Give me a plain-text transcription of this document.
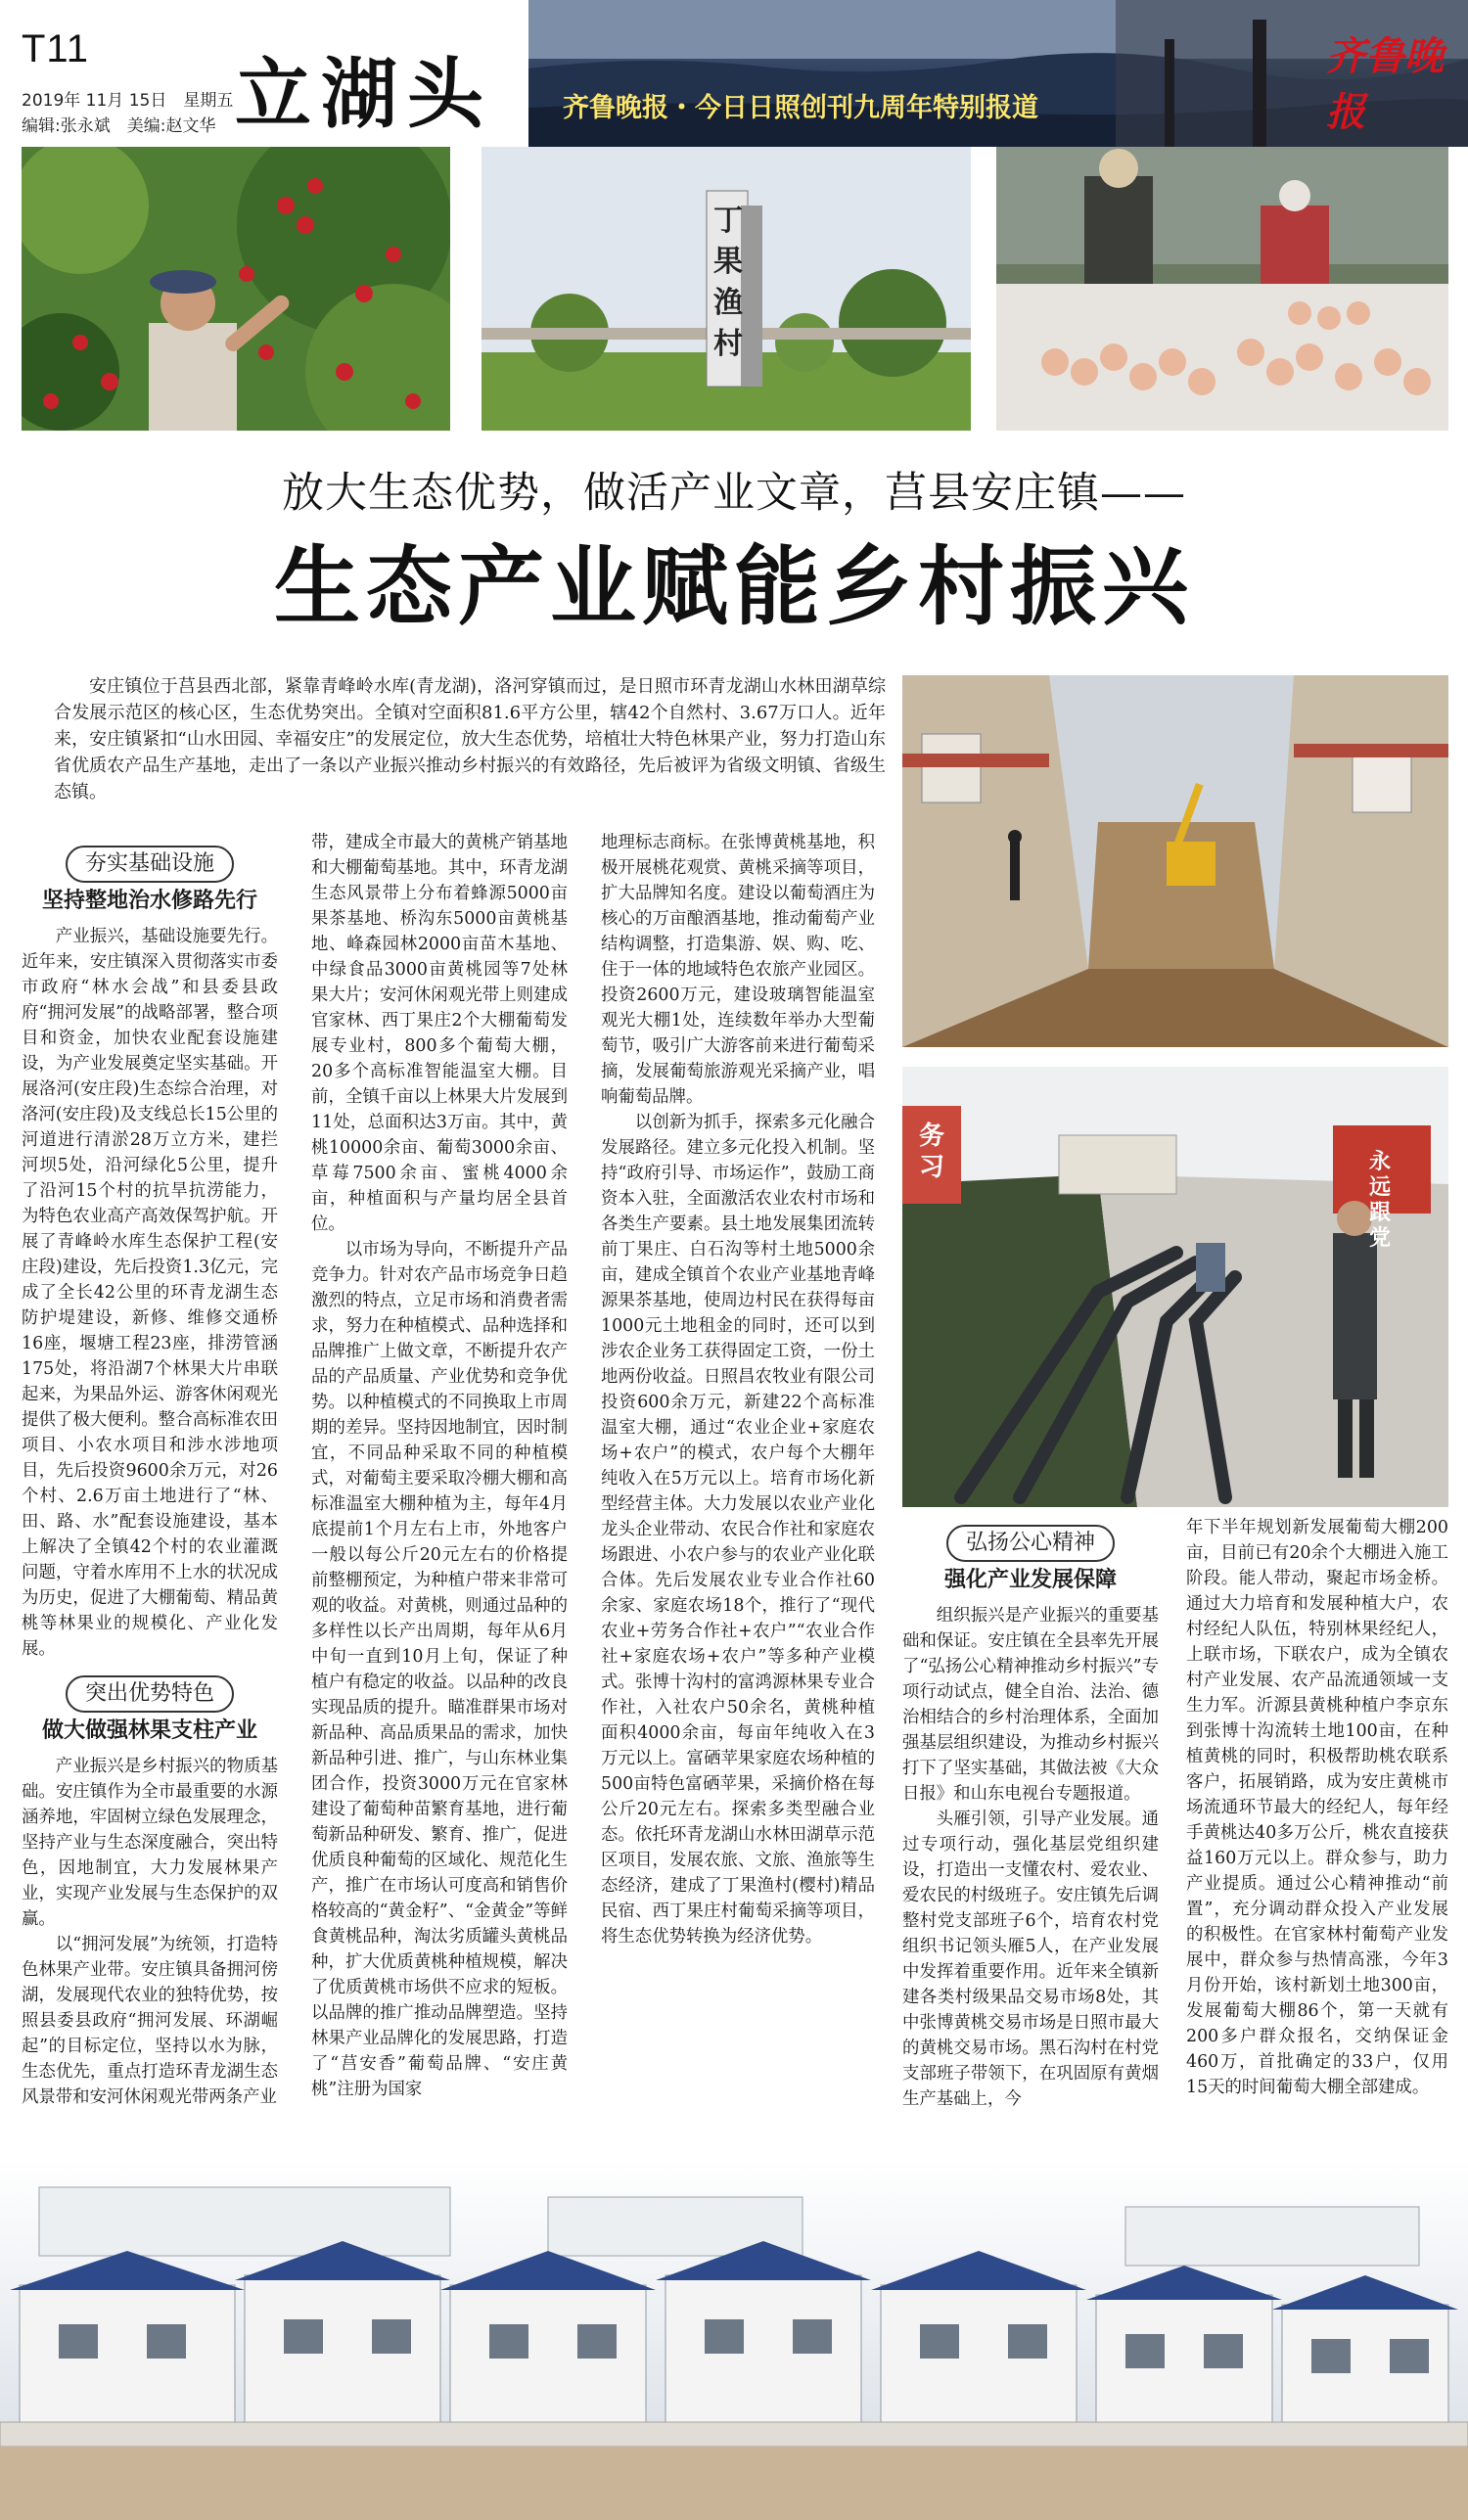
T11
2019年 11月 15日　星期五
编辑:张永斌　美编:赵文华 立湖头	齐鲁晚报・今日日照创刊九周年特别报道
齐鲁晚报
丁果渔村
放大生态优势，做活产业文章，莒县安庄镇——
生态产业赋能乡村振兴

安庄镇位于莒县西北部，紧靠青峰岭水库(青龙湖)，洛河穿镇而过，是日照市环青龙湖山水林田湖草综合发展示范区的核心区，生态优势突出。全镇对空面积81.6平方公里，辖42个自然村、3.67万口人。近年来，安庄镇紧扣“山水田园、幸福安庄”的发展定位，放大生态优势，培植壮大特色林果产业，努力打造山东省优质农产品生产基地，走出了一条以产业振兴推动乡村振兴的有效路径，先后被评为省级文明镇、省级生态镇。

永远跟党
务习
夯实基础设施
坚持整地治水修路先行

产业振兴，基础设施要先行。近年来，安庄镇深入贯彻落实市委市政府“林水会战”和县委县政府“拥河发展”的战略部署，整合项目和资金，加快农业配套设施建设，为产业发展奠定坚实基础。开展洛河(安庄段)生态综合治理，对洛河(安庄段)及支线总长15公里的河道进行清淤28万立方米，建拦河坝5处，沿河绿化5公里，提升了沿河15个村的抗旱抗涝能力，为特色农业高产高效保驾护航。开展了青峰岭水库生态保护工程(安庄段)建设，先后投资1.3亿元，完成了全长42公里的环青龙湖生态防护堤建设，新修、维修交通桥16座，堰塘工程23座，排涝管涵175处，将沿湖7个林果大片串联起来，为果品外运、游客休闲观光提供了极大便利。整合高标准农田项目、小农水项目和涉水涉地项目，先后投资9600余万元，对26个村、2.6万亩土地进行了“林、田、路、水”配套设施建设，基本上解决了全镇42个村的农业灌溉问题，守着水库用不上水的状况成为历史，促进了大棚葡萄、精品黄桃等林果业的规模化、产业化发展。

突出优势特色
做大做强林果支柱产业

产业振兴是乡村振兴的物质基础。安庄镇作为全市最重要的水源涵养地，牢固树立绿色发展理念，坚持产业与生态深度融合，突出特色，因地制宜，大力发展林果产业，实现产业发展与生态保护的双赢。

以“拥河发展”为统领，打造特色林果产业带。安庄镇具备拥河傍湖，发展现代农业的独特优势，按照县委县政府“拥河发展、环湖崛起”的目标定位，坚持以水为脉，生态优先，重点打造环青龙湖生态风景带和安河休闲观光带两条产业

带，建成全市最大的黄桃产销基地和大棚葡萄基地。其中，环青龙湖生态风景带上分布着蜂源5000亩果茶基地、桥沟东5000亩黄桃基地、峰森园林2000亩苗木基地、中绿食品3000亩黄桃园等7处林果大片；安河休闲观光带上则建成官家林、西丁果庄2个大棚葡萄发展专业村，800多个葡萄大棚，20多个高标准智能温室大棚。目前，全镇千亩以上林果大片发展到11处，总面积达3万亩。其中，黄桃10000余亩、葡萄3000余亩、草莓7500余亩、蜜桃4000余亩，种植面积与产量均居全县首位。

以市场为导向，不断提升产品竞争力。针对农产品市场竞争日趋激烈的特点，立足市场和消费者需求，努力在种植模式、品种选择和品牌推广上做文章，不断提升农产品的产品质量、产业优势和竞争优势。以种植模式的不同换取上市周期的差异。坚持因地制宜，因时制宜，不同品种采取不同的种植模式，对葡萄主要采取冷棚大棚和高标准温室大棚种植为主，每年4月底提前1个月左右上市，外地客户一般以每公斤20元左右的价格提前整棚预定，为种植户带来非常可观的收益。对黄桃，则通过品种的多样性以长产出周期，每年从6月中旬一直到10月上旬，保证了种植户有稳定的收益。以品种的改良实现品质的提升。瞄准群果市场对新品种、高品质果品的需求，加快新品种引进、推广，与山东林业集团合作，投资3000万元在官家林建设了葡萄种苗繁育基地，进行葡萄新品种研发、繁育、推广，促进优质良种葡萄的区域化、规范化生产，推广在市场认可度高和销售价格较高的“黄金籽”、“金黄金”等鲜食黄桃品种，淘汰劣质罐头黄桃品种，扩大优质黄桃种植规模，解决了优质黄桃市场供不应求的短板。以品牌的推广推动品牌塑造。坚持林果产业品牌化的发展思路，打造了“莒安香”葡萄品牌、“安庄黄桃”注册为国家

地理标志商标。在张博黄桃基地，积极开展桃花观赏、黄桃采摘等项目，扩大品牌知名度。建设以葡萄酒庄为核心的万亩酿酒基地，推动葡萄产业结构调整，打造集游、娱、购、吃、住于一体的地域特色农旅产业园区。投资2600万元，建设玻璃智能温室观光大棚1处，连续数年举办大型葡萄节，吸引广大游客前来进行葡萄采摘，发展葡萄旅游观光采摘产业，唱响葡萄品牌。

以创新为抓手，探索多元化融合发展路径。建立多元化投入机制。坚持“政府引导、市场运作”，鼓励工商资本入驻，全面激活农业农村市场和各类生产要素。县土地发展集团流转前丁果庄、白石沟等村土地5000余亩，建成全镇首个农业产业基地青峰源果茶基地，使周边村民在获得每亩1000元土地租金的同时，还可以到涉农企业务工获得固定工资，一份土地两份收益。日照昌农牧业有限公司投资600余万元，新建22个高标准温室大棚，通过“农业企业+家庭农场+农户”的模式，农户每个大棚年纯收入在5万元以上。培育市场化新型经营主体。大力发展以农业产业化龙头企业带动、农民合作社和家庭农场跟进、小农户参与的农业产业化联合体。先后发展农业专业合作社60余家、家庭农场18个，推行了“现代农业+劳务合作社+农户”“农业合作社+家庭农场+农户”等多种产业模式。张博十沟村的富鸿源林果专业合作社，入社农户50余名，黄桃种植面积4000余亩，每亩年纯收入在3万元以上。富硒苹果家庭农场种植的500亩特色富硒苹果，采摘价格在每公斤20元左右。探索多类型融合业态。依托环青龙湖山水林田湖草示范区项目，发展农旅、文旅、渔旅等生态经济，建成了丁果渔村(樱村)精品民宿、西丁果庄村葡萄采摘等项目，将生态优势转换为经济优势。

弘扬公心精神
强化产业发展保障

组织振兴是产业振兴的重要基础和保证。安庄镇在全县率先开展了“弘扬公心精神推动乡村振兴”专项行动试点，健全自治、法治、德治相结合的乡村治理体系，全面加强基层组织建设，为推动乡村振兴打下了坚实基础，其做法被《大众日报》和山东电视台专题报道。

头雁引领，引导产业发展。通过专项行动，强化基层党组织建设，打造出一支懂农村、爱农业、爱农民的村级班子。安庄镇先后调整村党支部班子6个，培育农村党组织书记领头雁5人，在产业发展中发挥着重要作用。近年来全镇新建各类村级果品交易市场8处，其中张博黄桃交易市场是日照市最大的黄桃交易市场。黑石沟村在村党支部班子带领下，在巩固原有黄烟生产基础上，今

年下半年规划新发展葡萄大棚200亩，目前已有20余个大棚进入施工阶段。能人带动，聚起市场金桥。通过大力培育和发展种植大户，农村经纪人队伍，特别林果经纪人，上联市场，下联农户，成为全镇农村产业发展、农产品流通领域一支生力军。沂源县黄桃种植户李京东到张博十沟流转土地100亩，在种植黄桃的同时，积极帮助桃农联系客户，拓展销路，成为安庄黄桃市场流通环节最大的经纪人，每年经手黄桃达40多万公斤，桃农直接获益160万元以上。群众参与，助力产业提质。通过公心精神推动“前置”，充分调动群众投入产业发展的积极性。在官家林村葡萄产业发展中，群众参与热情高涨，今年3月份开始，该村新划土地300亩，发展葡萄大棚86个，第一天就有200多户群众报名，交纳保证金460万，首批确定的33户，仅用15天的时间葡萄大棚全部建成。
